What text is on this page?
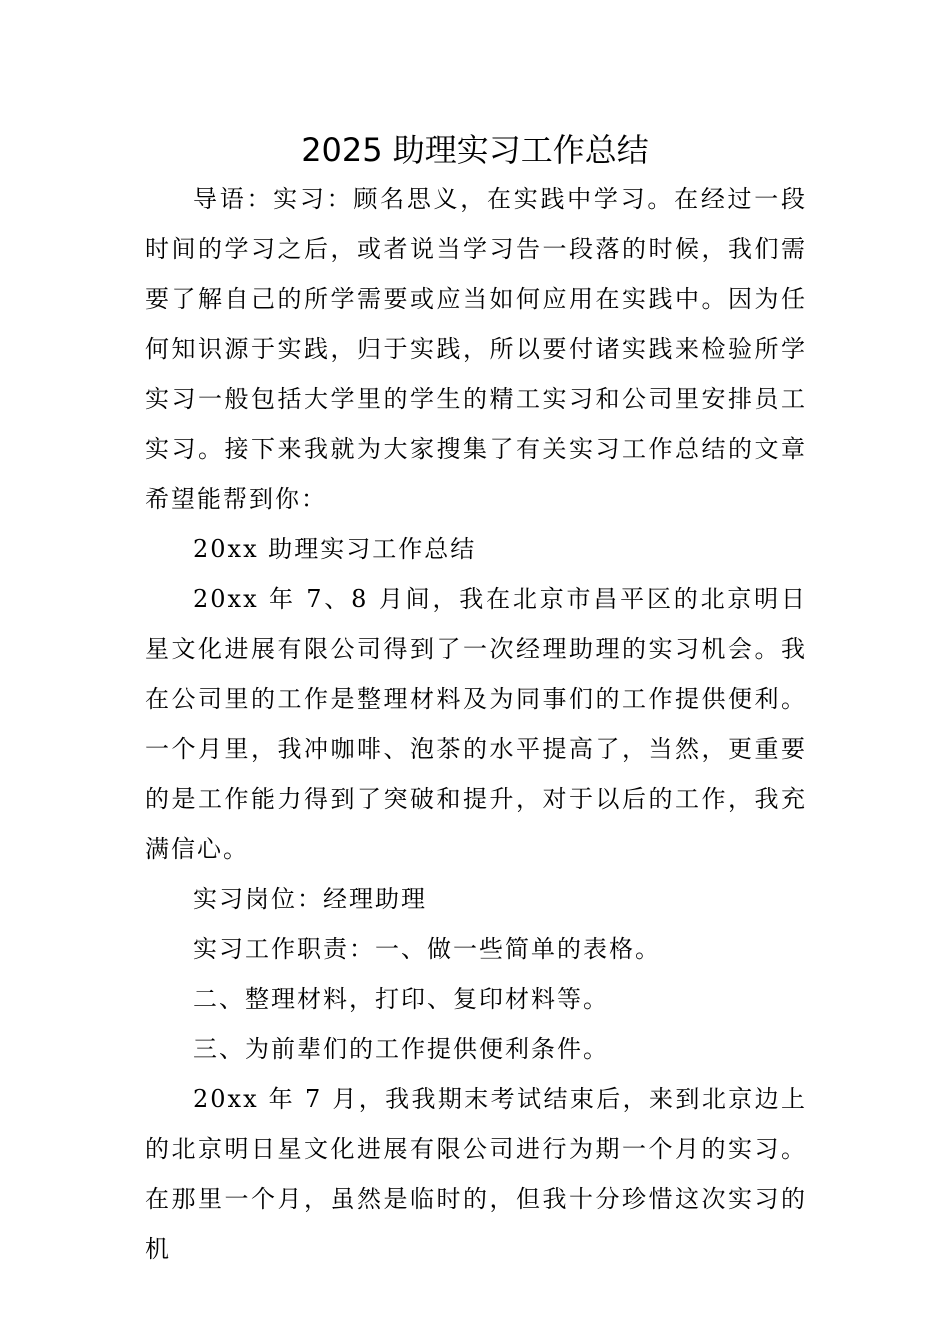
2025 助理实习工作总结

导语：实习：顾名思义，在实践中学习。在经过一段时间的学习之后，或者说当学习告一段落的时候，我们需要了解自己的所学需要或应当如何应用在实践中。因为任何知识源于实践，归于实践，所以要付诸实践来检验所学实习一般包括大学里的学生的精工实习和公司里安排员工实习。接下来我就为大家搜集了有关实习工作总结的文章希望能帮到你：

20xx 助理实习工作总结

20xx 年 7、8 月间，我在北京市昌平区的北京明日星文化进展有限公司得到了一次经理助理的实习机会。我在公司里的工作是整理材料及为同事们的工作提供便利。一个月里，我冲咖啡、泡茶的水平提高了，当然，更重要的是工作能力得到了突破和提升，对于以后的工作，我充满信心。

实习岗位：经理助理

实习工作职责：一、做一些简单的表格。

二、整理材料，打印、复印材料等。

三、为前辈们的工作提供便利条件。

20xx 年 7 月，我我期末考试结束后，来到北京边上的北京明日星文化进展有限公司进行为期一个月的实习。在那里一个月，虽然是临时的，但我十分珍惜这次实习的机
